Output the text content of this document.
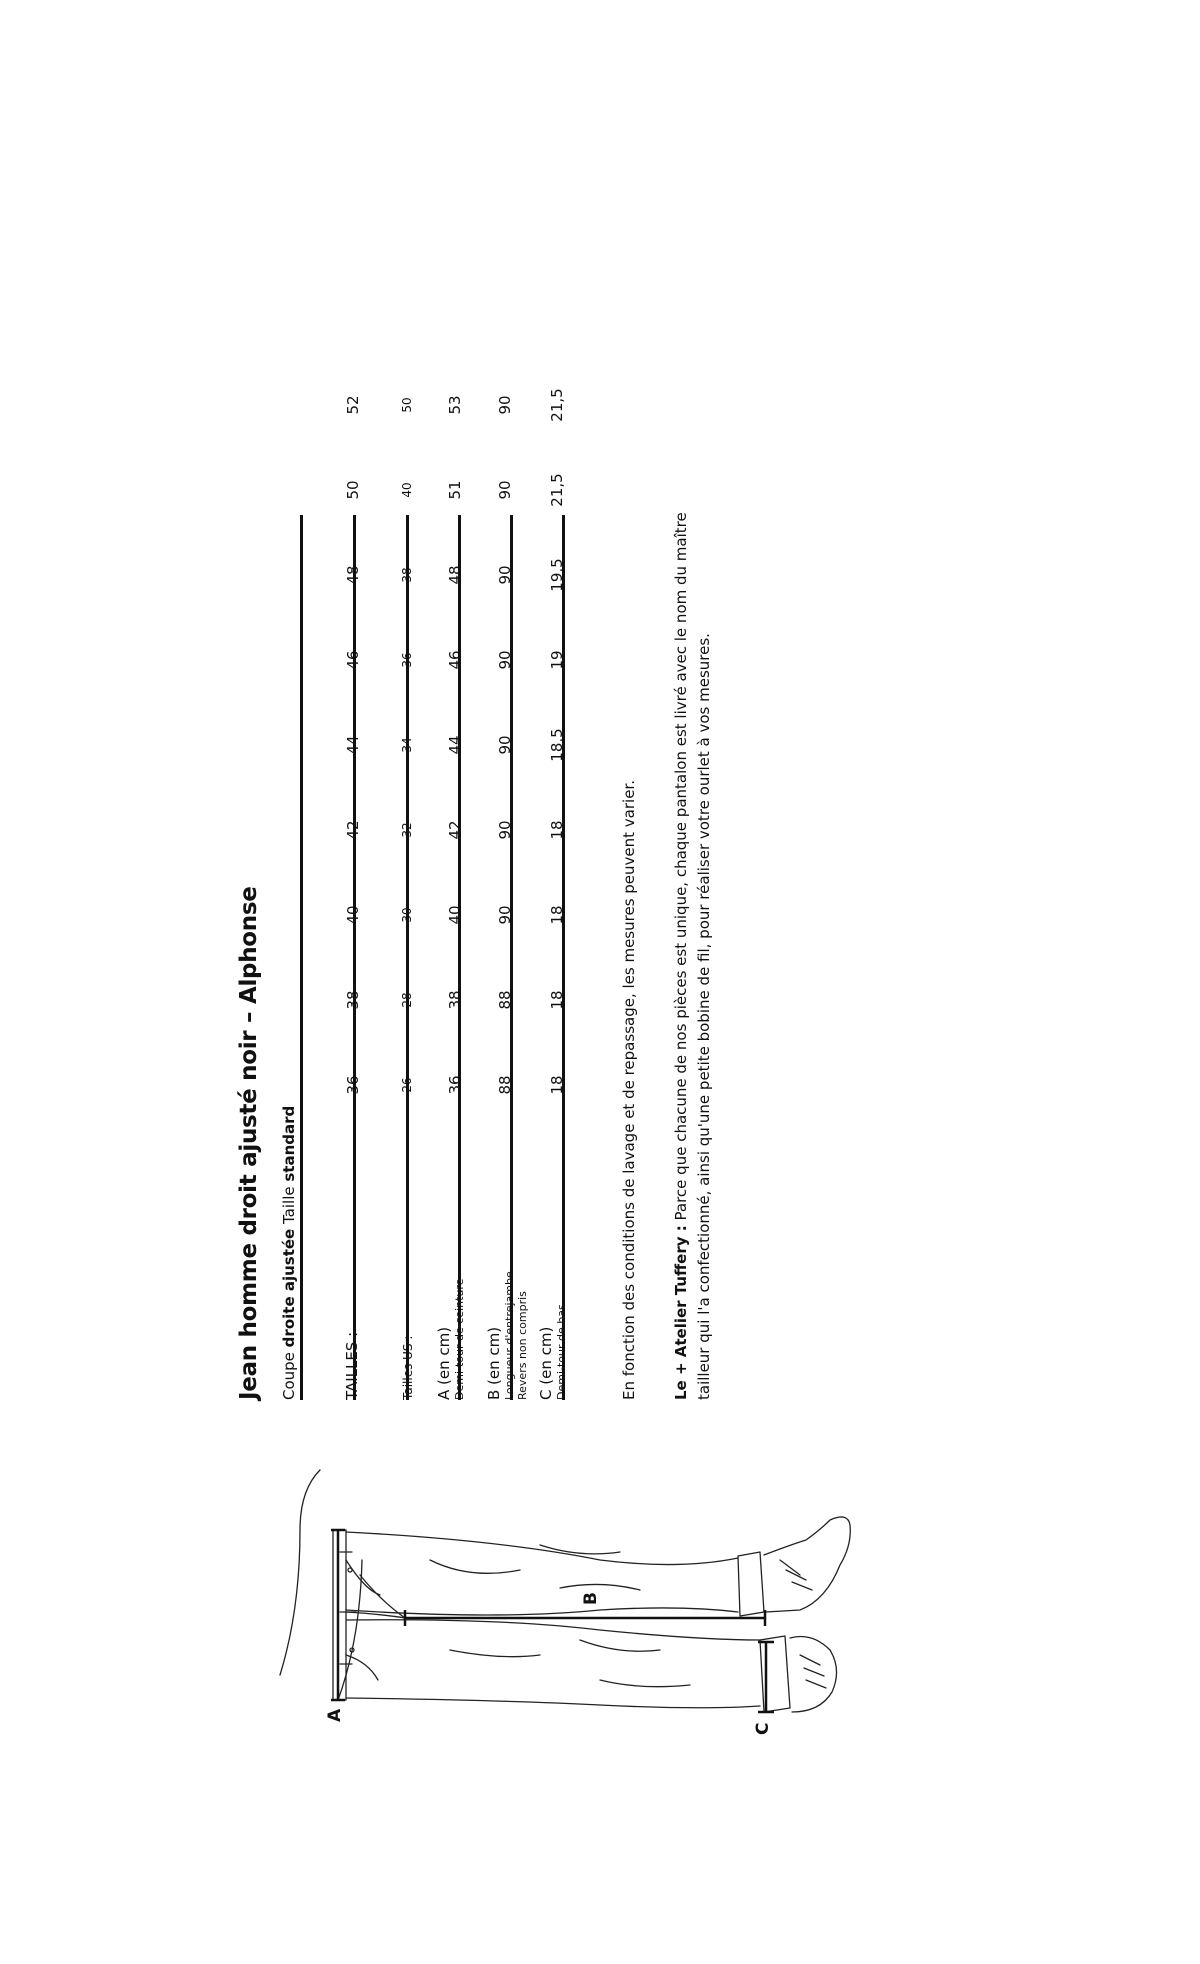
A
B
C
Jean homme droit ajusté noir – Alphonse Coupe droite ajustée Taille standard
TAILLES :
36
38
40
42
44
46
48
50
52
Tailles US :
26
28
30
32
34
36
38
40
50
A (en cm) Demi-tour de ceinture
36
38
40
42
44
46
48
51
53
B (en cm) Longueur d'entrejambe Revers non compris
88
88
90
90
90
90
90
90
90
C (en cm) Demi-tour de bas
18
18
18
18
18,5
19
19,5
21,5
21,5
En fonction des conditions de lavage et de repassage, les mesures peuvent varier. Le + Atelier Tuffery : Parce que chacune de nos pièces est unique, chaque pantalon est livré avec le nom du maître tailleur qui l'a confectionné, ainsi qu'une petite bobine de fil, pour réaliser votre ourlet à vos mesures.
